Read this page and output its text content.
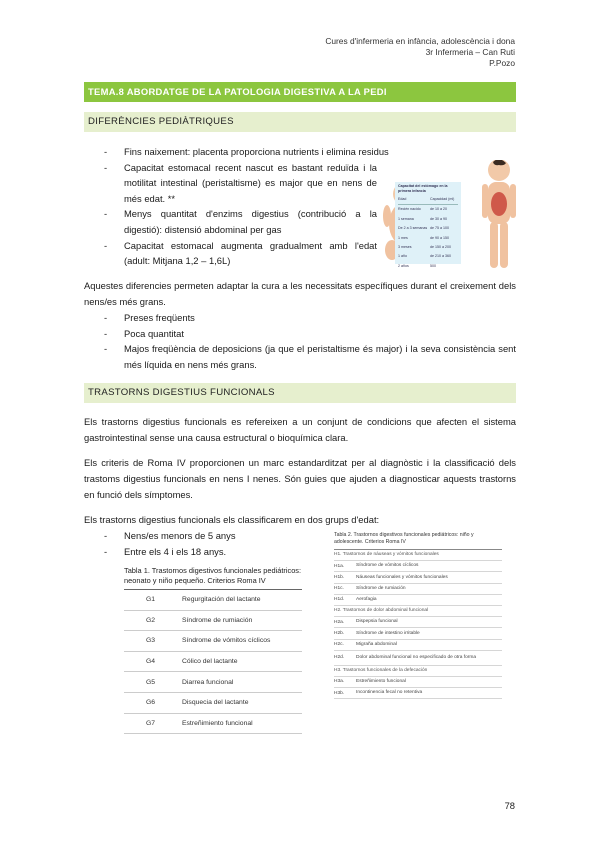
Cures d'infermeria en infància, adolescència i dona
3r Infermeria – Can Ruti
P.Pozo
TEMA.8 ABORDATGE DE LA PATOLOGIA DIGESTIVA A LA PEDI
DIFERÈNCIES PEDIÀTRIQUES
- Fins naixement: placenta proporciona nutrients i elimina residus
- Capacitat estomacal recent nascut es bastant reduïda i la motilitat intestinal (peristaltisme) es major que en nens de més edat. **
- Menys quantitat d'enzims digestius (contribució a la digestió): distensió abdominal per gas
- Capacitat estomacal augmenta gradualment amb l'edat (adult: Mitjana 1,2 – 1,6L)
Capacitat del estómago en la primera infancia
Edad	Capacidad (ml)
Recién nacido	de 10 a 20
1 semana	de 30 a 90
De 2 a 3 semanas de 75 a 100
1 mes	de 90 a 150
3 meses	de 150 a 200
1 año	de 210 a 360
2 años	500
Aquestes diferencies permeten adaptar la cura a les necessitats específiques durant el creixement dels nens/es més grans.
- Preses freqüents
- Poca quantitat
- Majos freqüència de deposicions (ja que el peristaltisme és major) i la seva consistència sent més líquida en nens més grans.
TRASTORNS DIGESTIUS FUNCIONALS
Els trastorns digestius funcionals es refereixen a un conjunt de condicions que afecten el sistema gastrointestinal sense una causa estructural o bioquímica clara.
Els criteris de Roma IV proporcionen un marc estandarditzat per al diagnòstic i la classificació dels trastoms digestius funcionals en nens I nenes. Són guies que ajuden a diagnosticar aquests trastorns en funció dels símptomes.
Els trastorns digestius funcionals els classificarem en dos grups d'edat:
- Nens/es menors de 5 anys
- Entre els 4 i els 18 anys.
Tabla 1. Trastornos digestivos funcionales pediátricos: neonato y niño pequeño. Criterios Roma IV
G1	Regurgitación del lactante
G2	Síndrome de rumiación
G3	Síndrome de vómitos cíclicos
G4	Cólico del lactante
G5	Diarrea funcional
G6	Disquecia del lactante
G7	Estreñimiento funcional
Tabla 2. Trastornos digestivos funcionales pediátricos: niño y adolescente. Criterios Roma IV
H1. Trastornos de náuseas y vómitos funcionales
H1a.	Síndrome de vómitos cíclicos
H1b.	Náuseas funcionales y vómitos funcionales
H1c.	Síndrome de rumiación
H1d.	Aerofagia
H2. Trastornos de dolor abdominal funcional
H2a.	Dispepsia funcional
H2b.	Síndrome de intestino irritable
H2c.	Migraña abdominal
H2d.	Dolor abdominal funcional no especificado de otra forma
H3. Trastornos funcionales de la defecación
H3a.	Estreñimiento funcional
H3b.	Incontinencia fecal no retentiva
78
